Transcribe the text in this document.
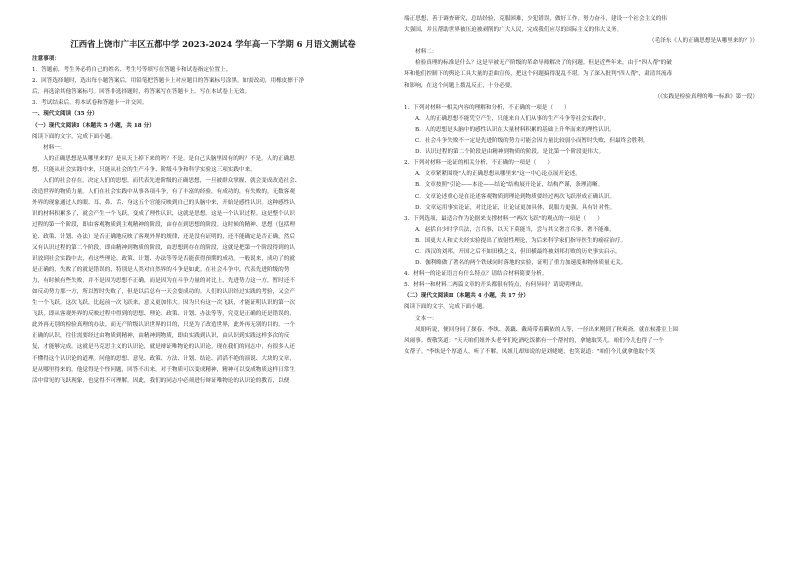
江西省上饶市广丰区五都中学 2023-2024 学年高一下学期 6 月语文测试卷
注意事项：
1．答题前，考生务必将自己的姓名、考生号等填写在答题卡和试卷指定位置上。
2．回答选择题时，选出每小题答案后，用铅笔把答题卡上对应题目的答案标号涂黑。如需改动，用橡皮擦干净
后，再选涂其他答案标号。回答非选择题时，将答案写在答题卡上。写在本试卷上无效。
3．考试结束后，将本试卷和答题卡一并交回。
一、现代文阅读（35 分）
（一）现代文阅读Ⅰ（本题共 5 小题，共 18 分）
阅读下面的文字，完成下面小题。
材料一：
人的正确思想是从哪里来的？是从天上掉下来的吗？不是。是自己头脑里固有的吗？不是。人的正确思
想，只能从社会实践中来，只能从社会的生产斗争、阶级斗争和科学实验这三项实践中来。
人们的社会存在，决定人们的思想。而代表先进阶级的正确思想，一旦被群众掌握，就会变成改造社会、
改造世界的物质力量。人们在社会实践中从事各项斗争，有了丰富的经验，有成功的，有失败的。无数客观
外界的现象通过人的眼、耳、鼻、舌、身这五个官能反映到自己的头脑中来，开始是感性认识。这种感性认
识的材料积累多了，就会产生一个飞跃，变成了理性认识，这就是思想。这是一个认识过程。这是整个认识
过程的第一个阶段，即由客观物质到主观精神的阶段，由存在到思想的阶段。这时候的精神、思想（包括理
论、政策、计划、办法）是否正确地反映了客观外界的规律，还是没有证明的，还不能确定是否正确，然后
又有认识过程的第二个阶段，即由精神到物质的阶段，由思想到存在的阶段，这就是把第一个阶段得到的认
识放到社会实践中去，看这些理论、政策、计划、办法等等是否能获得预期的成功。一般说来，成功了的就
是正确的，失败了的就是错误的，特别是人类对自然界的斗争是如此。在社会斗争中，代表先进阶级的势
力，有时候有些失败，并不是因为思想不正确，而是因为在斗争力量的对比上，先进势力这一方，暂时还不
如反动势力那一方，所以暂时失败了，但是以后总有一天会要成功的。人们的认识经过实践的考验，又会产
生一个飞跃。这次飞跃，比起前一次飞跃来，意义更加伟大。因为只有这一次飞跃，才能证明认识的第一次
飞跃，即从客观外界的反映过程中得到的思想、理论、政策、计划、办法等等，究竟是正确的还是错误的，
此外再无别的检验真理的办法。而无产阶级认识世界的目的，只是为了改造世界，此外再无别的目的。一个
正确的认识，往往需要经过由物质到精神，由精神到物质，即由实践到认识，由认识到实践这样多次的反
复，才能够完成。这就是马克思主义的认识论，就是辩证唯物论的认识论。现在我们的同志中，有很多人还
不懂得这个认识论的道理。问他的思想、意见、政策、方法、计划、结论、滔滔不绝的演说、大块的文章，
是从哪里得来的，他觉得是个怪问题，回答不出来。对于物质可以变成精神，精神可以变成物质这样日常生
活中常见的飞跃现象，也觉得不可理解。因此，我们的同志中必须进行辩证唯物论的认识论的教育，以便
端正思想，善于调查研究，总结经验，克服困难，少犯错误，做好工作，努力奋斗，建设一个社会主义的伟
大强国，并且帮助世界被压迫被剥削的广大人民，完成我们应尽的国际主义的伟大义务。
（毛泽东《人的正确思想是从哪里来的？》）
材料二：
检验真理的标准是什么？这是早被无产阶级的革命导师解决了的问题。但是近些年来，由于"四人帮"的破
坏和他们控制下的舆论工具大量的歪曲宣传，把这个问题搞得混乱不堪。为了深入批判"四人帮"，肃清其流毒
和影响，在这个问题上拨乱反正，十分必要。
（《实践是检验真理的唯一标准》第一段）
1．下列对材料一相关内容的理解和分析，不正确的一项是（　　）
A．人的正确思想不能凭空产生，只能来自人们从事的生产斗争等社会实践中。
B．人的思想是头脑中的感性认识在大量材料积累的基础上升华而来的理性认识。
C．社会斗争失败不一定是先进阶级的势力可能会因力量比较弱小而暂时失败，但最终会胜利。
D．认识过程的第二个阶段是由精神到物质的阶段，是比第一个阶段更伟大。
2．下列对材料一论证的相关分析，不正确的一项是（　　）
A．文章紧紧围绕"人的正确思想从哪里来"这一中心论点展开论述。
B．文章按照"引论——本论——结论"结构展开论证，结构严谨，条理清晰。
C．文章论述重心是在论述客观物质到理论到物质要经过两次飞跃形成正确认识。
D．文章运用事实论证，对比论证，让论证更加具体，说服力更强，具有针对性。
3．下列选项，最适合作为论据来支撑材料一"两次飞跃"的观点的一项是（　　）
A．赵括自少时学兵法，言兵事，以天下莫能当，尝与其父奢言兵事，奢不能难。
B．国更夫人和丈夫经实验提出了放射性理论，为后来科学家们指导医生的癌症治疗。
C．西汉的刘邦，开国之后不如田横之义，但田横最终被刘邦打败的历史事实启示。
D．伽利略做了著名的两个铁球同时落地的实验，证明了重力加速度和物体质量无关。
4．材料一的论证语言有什么特点？请结合材料简要分析。
5．材料一和材料二两篇文章的开头都很有特点，有何异同？请说明理由。
（二）现代文阅读Ⅱ（本题共 4 小题，共 17 分）
阅读下面的文字，完成下面小题。
文本一：
凤姐听说，便回身同了探春、李纨、袭藕、戴琦带着瞒依的人等，一径出来刚到了秋爽斋，就在候番室上围
风闹事。贾敬笑道："天天咱们姐外头老爷们吃酒吃饭都有一个帮衬的，拿她取笑儿。咱们今儿也得了一个
女帮子。"李纨是个厚道人，听了不解。凤姐儿却知说的是刘姥姥，也笑说道："咱们今儿就拿他取个笑
